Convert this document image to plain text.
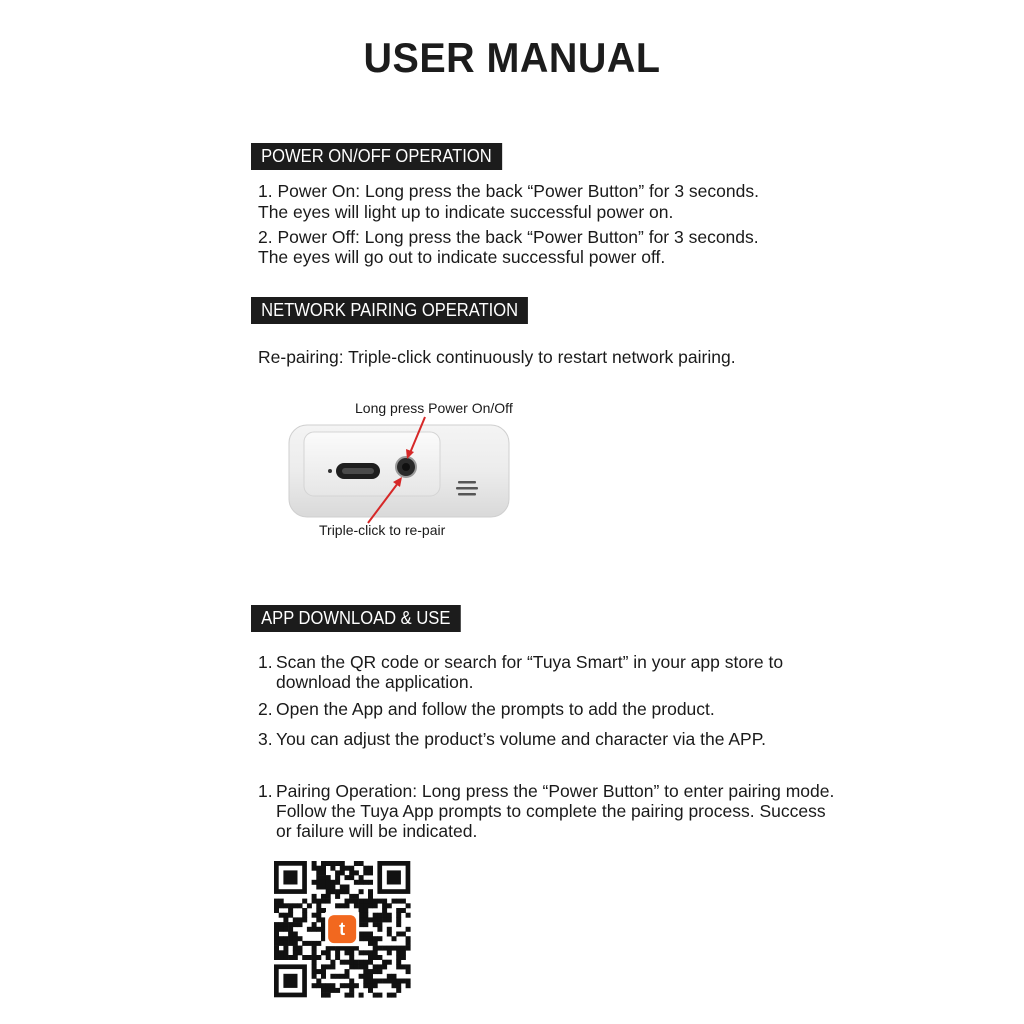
USER MANUAL
POWER ON/OFF OPERATION
1. Power On: Long press the back “Power Button” for 3 seconds.
The eyes will light up to indicate successful power on.
2. Power Off: Long press the back “Power Button” for 3 seconds.
The eyes will go out to indicate successful power off.
NETWORK PAIRING OPERATION
Re-pairing: Triple-click continuously to restart network pairing.
Long press Power On/Off
Triple-click to re-pair
APP DOWNLOAD & USE
1. Scan the QR code or search for “Tuya Smart” in your app store to
download the application.
2. Open the App and follow the prompts to add the product.
3. You can adjust the product’s volume and character via the APP.
1. Pairing Operation: Long press the “Power Button” to enter pairing mode.
Follow the Tuya App prompts to complete the pairing process. Success
or failure will be indicated.
t
